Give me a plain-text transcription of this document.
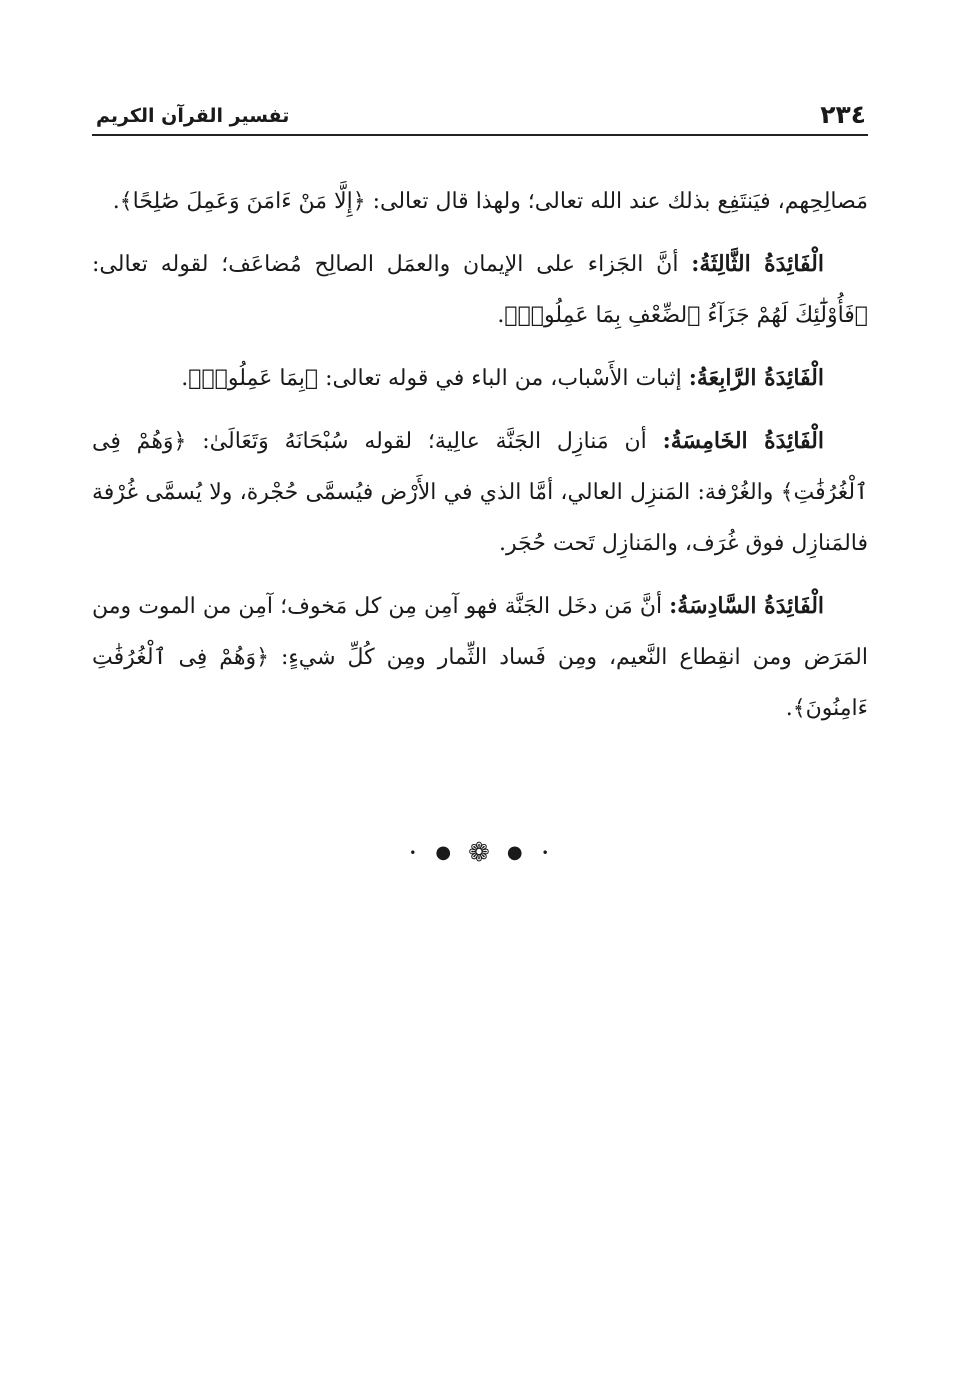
٢٣٤
تفسير القرآن الكريم

مَصالِحِهم، فيَنتَفِع بذلك عند الله تعالى؛ ولهذا قال تعالى: ﴿إِلَّا مَنْ ءَامَنَ وَعَمِلَ صَٰلِحًا﴾.

الْفَائِدَةُ الثَّالِثَةُ: أنَّ الجَزاء على الإيمان والعمَل الصالِح مُضاعَف؛ لقوله تعالى: ﴿فَأُوْلَٰٓئِكَ لَهُمْ جَزَآءُ ٱلضِّعْفِ بِمَا عَمِلُوا۟﴾.

الْفَائِدَةُ الرَّابِعَةُ: إثبات الأَسْباب، من الباء في قوله تعالى: ﴿بِمَا عَمِلُوا۟﴾.

الْفَائِدَةُ الخَامِسَةُ: أن مَنازِل الجَنَّة عالِية؛ لقوله سُبْحَانَهُ وَتَعَالَىٰ: ﴿وَهُمْ فِى ٱلْغُرُفَٰتِ﴾ والغُرْفة: المَنزِل العالي، أمَّا الذي في الأَرْض فيُسمَّى حُجْرة، ولا يُسمَّى غُرْفة فالمَنازِل فوق غُرَف، والمَنازِل تَحت حُجَر.

الْفَائِدَةُ السَّادِسَةُ: أنَّ مَن دخَل الجَنَّة فهو آمِن مِن كل مَخوف؛ آمِن من الموت ومن المَرَض ومن انقِطاع النَّعيم، ومِن فَساد الثِّمار ومِن كُلِّ شيءٍ: ﴿وَهُمْ فِى ٱلْغُرُفَٰتِ ءَامِنُونَ﴾.

• ● ❁ ● •
